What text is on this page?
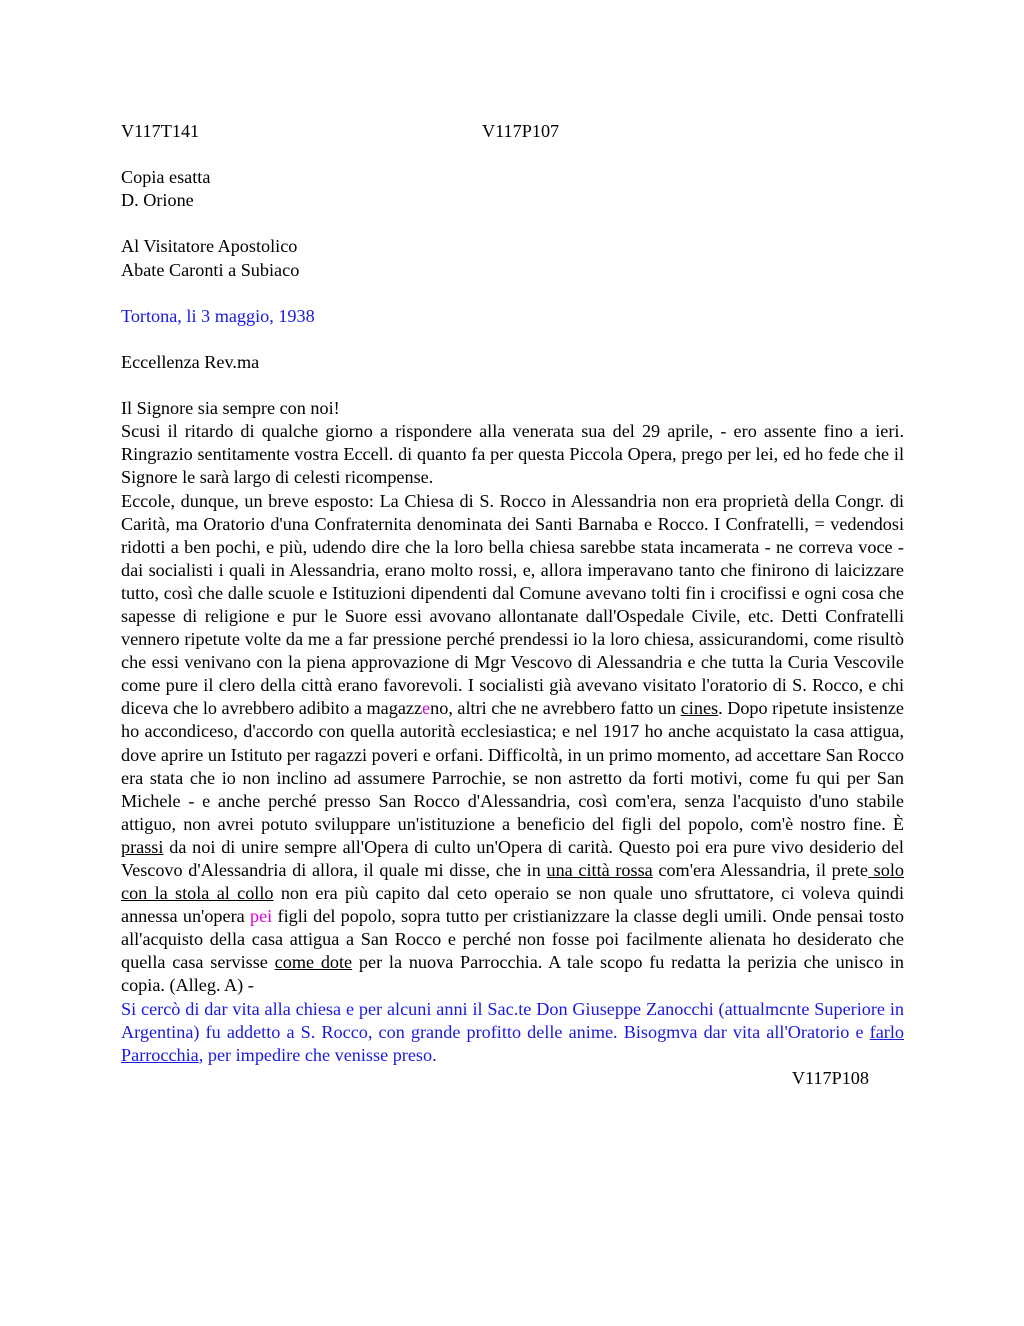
V117T141	V117P107

Copia esatta

D. Orione

Al Visitatore Apostolico

Abate Caronti a Subiaco

Tortona, li 3 maggio, 1938

Eccellenza Rev.ma

Il Signore sia sempre con noi!

Scusi il ritardo di qualche giorno a rispondere alla venerata sua del 29 aprile, - ero assente fino a ieri. Ringrazio sentitamente vostra Eccell. di quanto fa per questa Piccola Opera, prego per lei, ed ho fede che il Signore le sarà largo di celesti ricompense.

Eccole, dunque, un breve esposto: La Chiesa di S. Rocco in Alessandria non era proprietà della Congr. di Carità, ma Oratorio d'una Confraternita denominata dei Santi Barnaba e Rocco. I Confratelli, = vedendosi ridotti a ben pochi, e più, udendo dire che la loro bella chiesa sarebbe stata incamerata - ne correva voce - dai socialisti i quali in Alessandria, erano molto rossi, e, allora imperavano tanto che finirono di laicizzare tutto, così che dalle scuole e Istituzioni dipendenti dal Comune avevano tolti fin i crocifissi e ogni cosa che sapesse di religione e pur le Suore essi avovano allontanate dall'Ospedale Civile, etc. Detti Confratelli vennero ripetute volte da me a far pressione perché prendessi io la loro chiesa, assicurandomi, come risultò che essi venivano con la piena approvazione di Mgr Vescovo di Alessandria e che tutta la Curia Vescovile come pure il clero della città erano favorevoli. I socialisti già avevano visitato l'oratorio di S. Rocco, e chi diceva che lo avrebbero adibito a magazzeno, altri che ne avrebbero fatto un cines. Dopo ripetute insistenze ho accondiceso, d'accordo con quella autorità ecclesiastica; e nel 1917 ho anche acquistato la casa attigua, dove aprire un Istituto per ragazzi poveri e orfani. Difficoltà, in un primo momento, ad accettare San Rocco era stata che io non inclino ad assumere Parrochie, se non astretto da forti motivi, come fu qui per San Michele - e anche perché presso San Rocco d'Alessandria, così com'era, senza l'acquisto d'uno stabile attiguo, non avrei potuto sviluppare un'istituzione a beneficio del figli del popolo, com'è nostro fine. È prassi da noi di unire sempre all'Opera di culto un'Opera di carità. Questo poi era pure vivo desiderio del Vescovo d'Alessandria di allora, il quale mi disse, che in una città rossa com'era Alessandria, il prete solo con la stola al collo non era più capito dal ceto operaio se non quale uno sfruttatore, ci voleva quindi annessa un'opera pei figli del popolo, sopra tutto per cristianizzare la classe degli umili. Onde pensai tosto all'acquisto della casa attigua a San Rocco e perché non fosse poi facilmente alienata ho desiderato che quella casa servisse come dote per la nuova Parrocchia. A tale scopo fu redatta la perizia che unisco in copia. (Alleg. A) -

Si cercò di dar vita alla chiesa e per alcuni anni il Sac.te Don Giuseppe Zanocchi (attualmcnte Superiore in Argentina) fu addetto a S. Rocco, con grande profitto delle anime. Bisogmva dar vita all'Oratorio e farlo Parrocchia, per impedire che venisse preso.

V117P108
